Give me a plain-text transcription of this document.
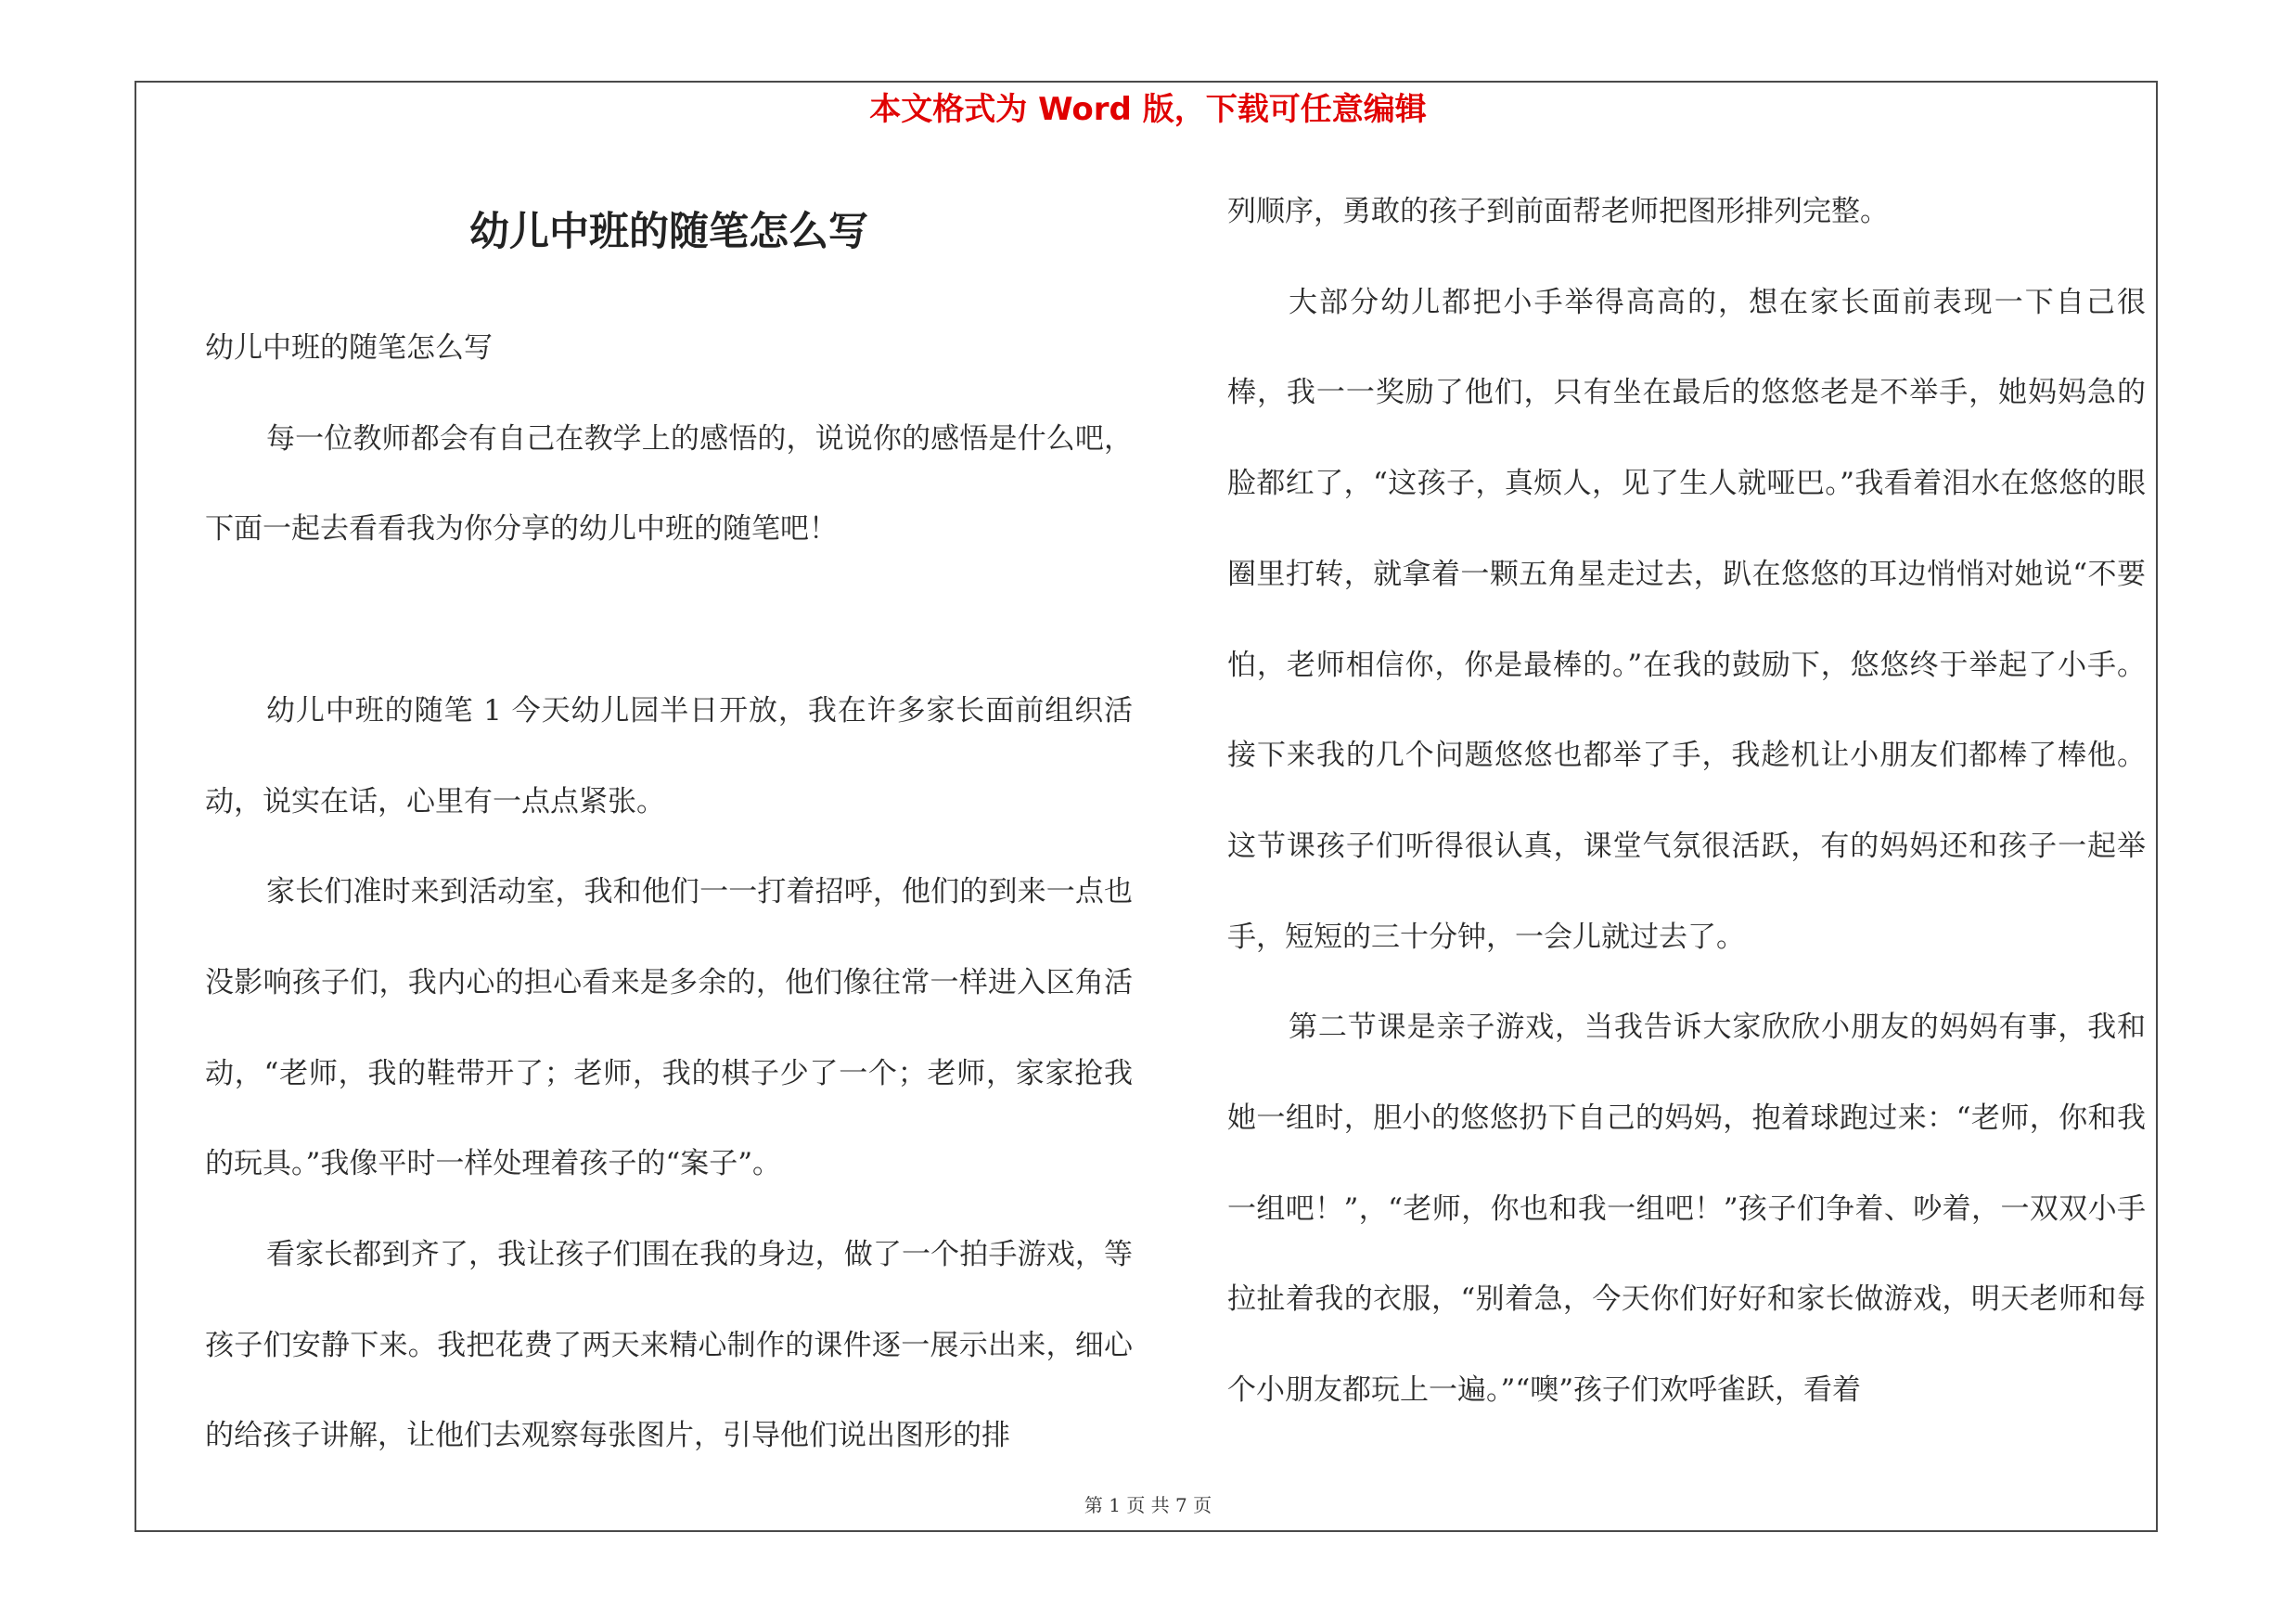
本文格式为 Word 版，下载可任意编辑
幼儿中班的随笔怎么写

幼儿中班的随笔怎么写

每一位教师都会有自己在教学上的感悟的，说说你的感悟是什么吧，下面一起去看看我为你分享的幼儿中班的随笔吧！

幼儿中班的随笔 1 今天幼儿园半日开放，我在许多家长面前组织活动，说实在话，心里有一点点紧张。

家长们准时来到活动室，我和他们一一打着招呼，他们的到来一点也没影响孩子们，我内心的担心看来是多余的，他们像往常一样进入区角活动，“老师，我的鞋带开了；老师，我的棋子少了一个；老师，家家抢我的玩具。”我像平时一样处理着孩子的“案子”。

看家长都到齐了，我让孩子们围在我的身边，做了一个拍手游戏，等孩子们安静下来。我把花费了两天来精心制作的课件逐一展示出来，细心的给孩子讲解，让他们去观察每张图片，引导他们说出图形的排

列顺序，勇敢的孩子到前面帮老师把图形排列完整。

大部分幼儿都把小手举得高高的，想在家长面前表现一下自己很棒，我一一奖励了他们，只有坐在最后的悠悠老是不举手，她妈妈急的脸都红了，“这孩子，真烦人，见了生人就哑巴。”我看着泪水在悠悠的眼圈里打转，就拿着一颗五角星走过去，趴在悠悠的耳边悄悄对她说“不要怕，老师相信你，你是最棒的。”在我的鼓励下，悠悠终于举起了小手。接下来我的几个问题悠悠也都举了手，我趁机让小朋友们都棒了棒他。这节课孩子们听得很认真，课堂气氛很活跃，有的妈妈还和孩子一起举手，短短的三十分钟，一会儿就过去了。

第二节课是亲子游戏，当我告诉大家欣欣小朋友的妈妈有事，我和她一组时，胆小的悠悠扔下自己的妈妈，抱着球跑过来：“老师，你和我一组吧！”，“老师，你也和我一组吧！”孩子们争着、吵着，一双双小手拉扯着我的衣服，“别着急，今天你们好好和家长做游戏，明天老师和每个小朋友都玩上一遍。”“噢”孩子们欢呼雀跃，看着

第 1 页 共 7 页
